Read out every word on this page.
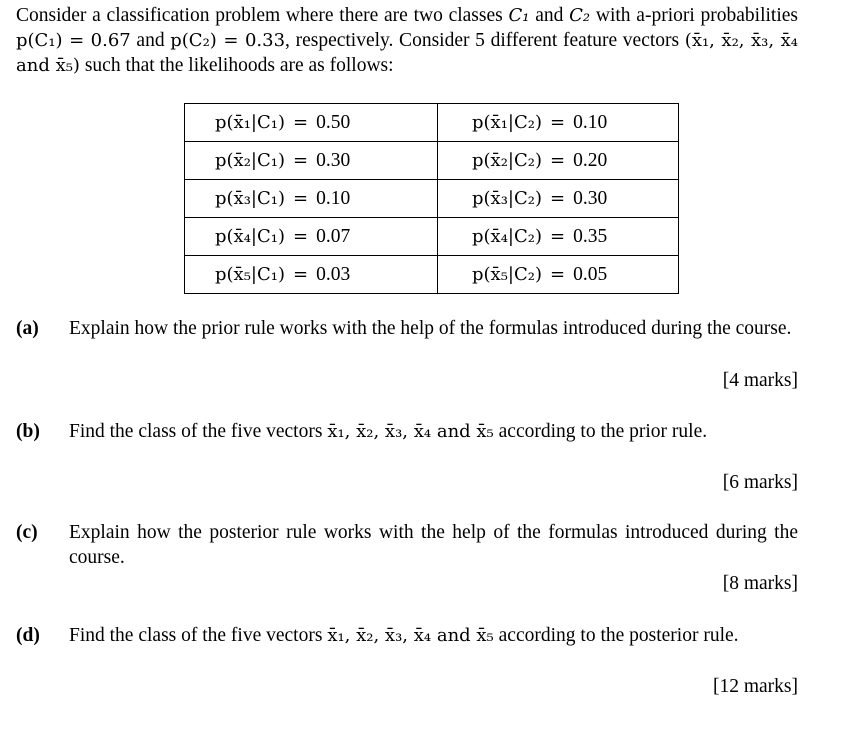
Consider a classification problem where there are two classes C₁ and C₂ with a-priori probabilities p(C₁) = 0.67 and p(C₂) = 0.33, respectively. Consider 5 different feature vectors (x̄₁, x̄₂, x̄₃, x̄₄ and x̄₅) such that the likelihoods are as follows:
p(x̄₁|C₁) = 0.50	p(x̄₁|C₂) = 0.10
p(x̄₂|C₁) = 0.30	p(x̄₂|C₂) = 0.20
p(x̄₃|C₁) = 0.10	p(x̄₃|C₂) = 0.30
p(x̄₄|C₁) = 0.07	p(x̄₄|C₂) = 0.35
p(x̄₅|C₁) = 0.03	p(x̄₅|C₂) = 0.05
(a) Explain how the prior rule works with the help of the formulas introduced during the course.
[4 marks]
(b) Find the class of the five vectors x̄₁, x̄₂, x̄₃, x̄₄ and x̄₅ according to the prior rule.
[6 marks]
(c) Explain how the posterior rule works with the help of the formulas introduced during the course.
[8 marks]
(d) Find the class of the five vectors x̄₁, x̄₂, x̄₃, x̄₄ and x̄₅ according to the posterior rule.
[12 marks]
